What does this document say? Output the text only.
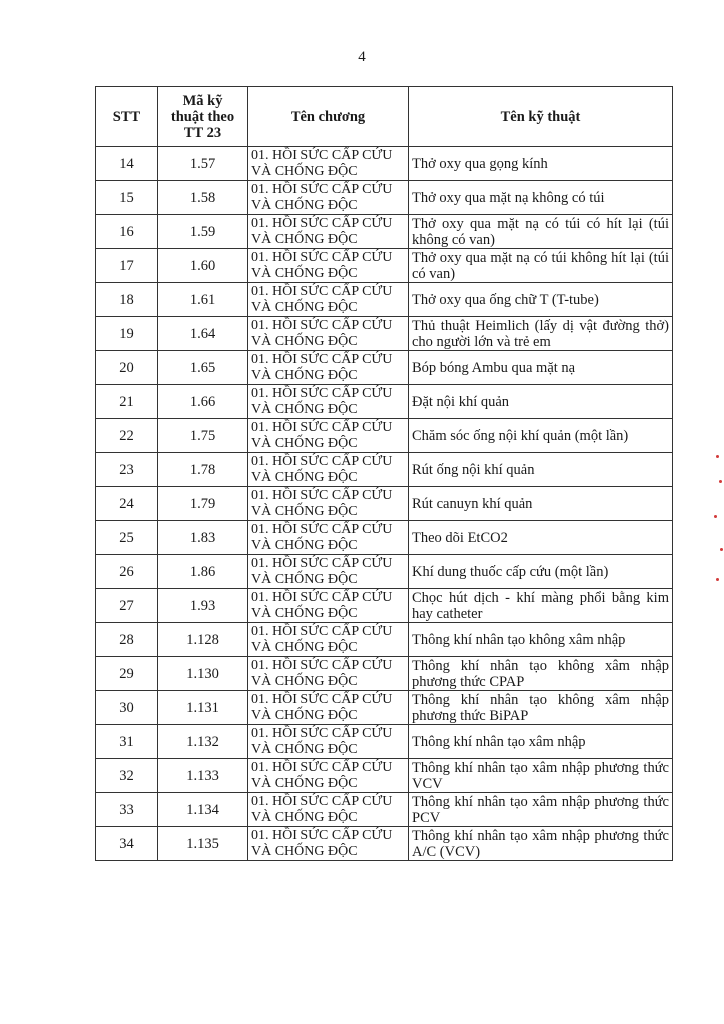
4
STT	Mã kỹ
thuật theo
TT 23	Tên chương	Tên kỹ thuật
14	1.57	01. HỒI SỨC CẤP CỨU
VÀ CHỐNG ĐỘC	Thở oxy qua gọng kính

15	1.58	01. HỒI SỨC CẤP CỨU
VÀ CHỐNG ĐỘC	Thở oxy qua mặt nạ không có túi

16	1.59	01. HỒI SỨC CẤP CỨU
VÀ CHỐNG ĐỘC	Thở oxy qua mặt nạ có túi có hít lại (túi không có van)

17	1.60	01. HỒI SỨC CẤP CỨU
VÀ CHỐNG ĐỘC	Thở oxy qua mặt nạ có túi không hít lại (túi có van)

18	1.61	01. HỒI SỨC CẤP CỨU
VÀ CHỐNG ĐỘC	Thở oxy qua ống chữ T (T-tube)

19	1.64	01. HỒI SỨC CẤP CỨU
VÀ CHỐNG ĐỘC	Thủ thuật Heimlich (lấy dị vật đường thở) cho người lớn và trẻ em

20	1.65	01. HỒI SỨC CẤP CỨU
VÀ CHỐNG ĐỘC	Bóp bóng Ambu qua mặt nạ

21	1.66	01. HỒI SỨC CẤP CỨU
VÀ CHỐNG ĐỘC	Đặt nội khí quản

22	1.75	01. HỒI SỨC CẤP CỨU
VÀ CHỐNG ĐỘC	Chăm sóc ống nội khí quản (một lần)

23	1.78	01. HỒI SỨC CẤP CỨU
VÀ CHỐNG ĐỘC	Rút ống nội khí quản

24	1.79	01. HỒI SỨC CẤP CỨU
VÀ CHỐNG ĐỘC	Rút canuyn khí quản

25	1.83	01. HỒI SỨC CẤP CỨU
VÀ CHỐNG ĐỘC	Theo dõi EtCO2

26	1.86	01. HỒI SỨC CẤP CỨU
VÀ CHỐNG ĐỘC	Khí dung thuốc cấp cứu (một lần)

27	1.93	01. HỒI SỨC CẤP CỨU
VÀ CHỐNG ĐỘC	Chọc hút dịch - khí màng phổi bằng kim hay catheter

28	1.128	01. HỒI SỨC CẤP CỨU
VÀ CHỐNG ĐỘC	Thông khí nhân tạo không xâm nhập

29	1.130	01. HỒI SỨC CẤP CỨU
VÀ CHỐNG ĐỘC	Thông khí nhân tạo không xâm nhập phương thức CPAP

30	1.131	01. HỒI SỨC CẤP CỨU
VÀ CHỐNG ĐỘC	Thông khí nhân tạo không xâm nhập phương thức BiPAP

31	1.132	01. HỒI SỨC CẤP CỨU
VÀ CHỐNG ĐỘC	Thông khí nhân tạo xâm nhập

32	1.133	01. HỒI SỨC CẤP CỨU
VÀ CHỐNG ĐỘC	Thông khí nhân tạo xâm nhập phương thức VCV

33	1.134	01. HỒI SỨC CẤP CỨU
VÀ CHỐNG ĐỘC	Thông khí nhân tạo xâm nhập phương thức PCV

34	1.135	01. HỒI SỨC CẤP CỨU
VÀ CHỐNG ĐỘC	Thông khí nhân tạo xâm nhập phương thức A/C (VCV)
